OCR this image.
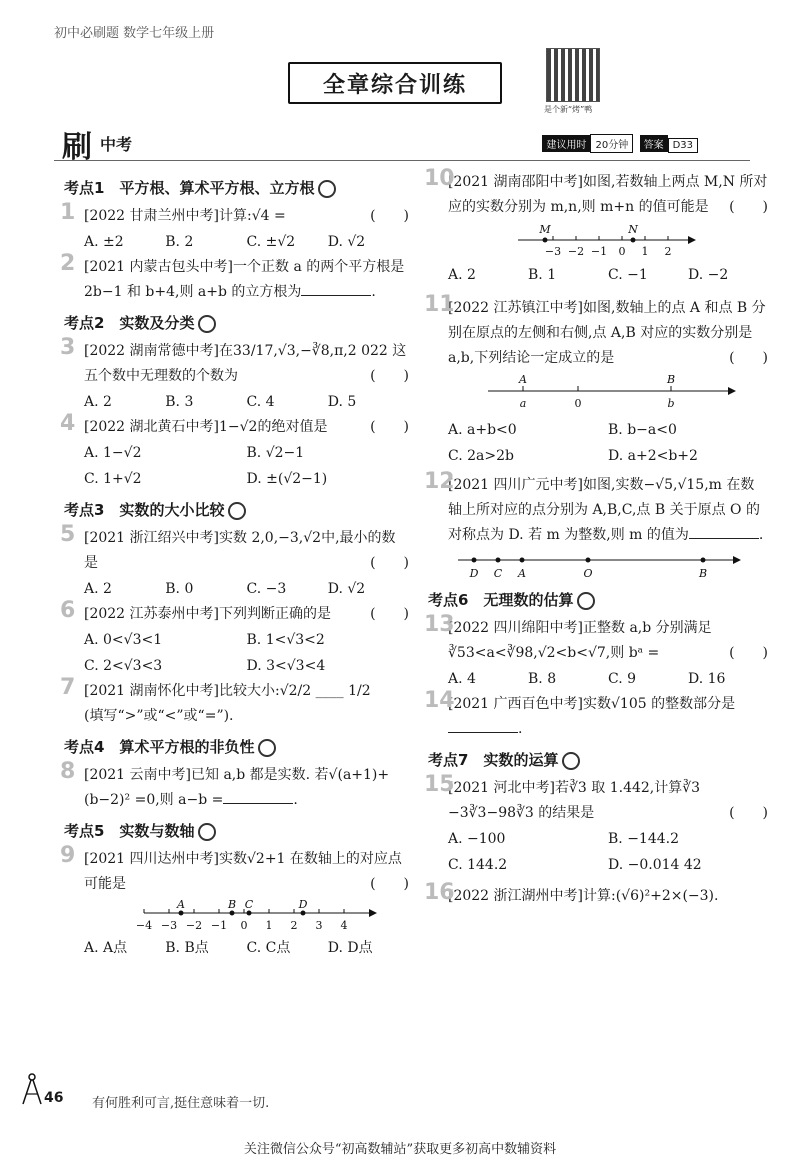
初中必刷题 数学七年级上册
全章综合训练
是个新“烤”鸭
刷 中考	建议用时 20分钟 答案 D33
考点1　平方根、算术平方根、立方根
1 [2022 甘肃兰州中考]计算:√4 =	(　　)
A. ±2	B. 2	C. ±√2	D. √2
2 [2021 内蒙古包头中考]一个正数 a 的两个平方根是 2b−1 和 b+4,则 a+b 的立方根为	.
考点2　实数及分类
3 [2022 湖南常德中考]在33/17,√3,−∛8,π,2 022 这五个数中无理数的个数为	(　　)
A. 2	B. 3	C. 4	D. 5
4 [2022 湖北黄石中考]1−√2的绝对值是	(　　)
A. 1−√2	B. √2−1
C. 1+√2	D. ±(√2−1)
考点3　实数的大小比较
5 [2021 浙江绍兴中考]实数 2,0,−3,√2中,最小的数是	(　　)
A. 2	B. 0	C. −3	D. √2
6 [2022 江苏泰州中考]下列判断正确的是	(　　)
A. 0<√3<1	B. 1<√3<2
C. 2<√3<3	D. 3<√3<4
7 [2021 湖南怀化中考]比较大小:√2/2 ____ 1/2
(填写“>”或“<”或“=”).
考点4　算术平方根的非负性
8 [2021 云南中考]已知 a,b 都是实数. 若√(a+1)+(b−2)² =0,则 a−b =	.
考点5　实数与数轴
9 [2021 四川达州中考]实数√2+1 在数轴上的对应点可能是	(　　)
−4 −3 −2 −1 0 1 2 3 4
A	B C	D
A. A点	B. B点	C. C点	D. D点
10
[2021 湖南邵阳中考]如图,若数轴上两点 M,N 所对应的实数分别为 m,n,则 m+n 的值可能是 (　　)
−3 −2 −1 0 1 2
M	N
A. 2	B. 1	C. −1	D. −2
11
[2022 江苏镇江中考]如图,数轴上的点 A 和点 B 分别在原点的左侧和右侧,点 A,B 对应的实数分别是 a,b,下列结论一定成立的是	(　　)
A
a	0
B
b
A. a+b<0	B. b−a<0
C. 2a>2b	D. a+2<b+2
12
[2021 四川广元中考]如图,实数−√5,√15,m 在数轴上所对应的点分别为 A,B,C,点 B 关于原点 O 的对称点为 D. 若 m 为整数,则 m 的值为	.
D C A	O	B
考点6　无理数的估算
13
[2022 四川绵阳中考]正整数 a,b 分别满足 ∛53<a<∛98,√2<b<√7,则 bᵃ =	(　　)
A. 4	B. 8	C. 9	D. 16
14
[2021 广西百色中考]实数√105 的整数部分是.
考点7　实数的运算
15
[2021 河北中考]若∛3 取 1.442,计算∛3 −3∛3−98∛3 的结果是	(　　)
A. −100	B. −144.2
C. 144.2	D. −0.014 42
16
[2022 浙江湖州中考]计算:(√6)²+2×(−3).
46 有何胜利可言,挺住意味着一切.
关注微信公众号“初高数辅站”获取更多初高中数辅资料
